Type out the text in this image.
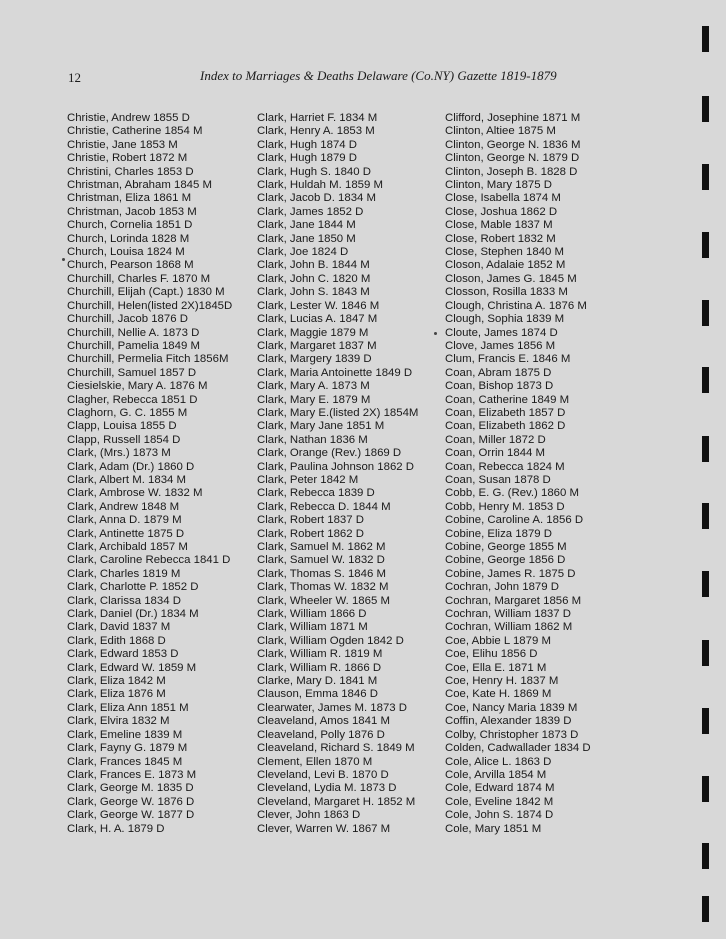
12	Index to Marriages & Deaths Delaware (Co.NY) Gazette 1819-1879
Christie, Andrew 1855 D
Christie, Catherine 1854 M
Christie, Jane 1853 M
Christie, Robert 1872 M
Christini, Charles 1853 D
Christman, Abraham 1845 M
Christman, Eliza 1861 M
Christman, Jacob 1853 M
Church, Cornelia 1851 D
Church, Lorinda 1828 M
Church, Louisa 1824 M
Church, Pearson 1868 M
Churchill, Charles F. 1870 M
Churchill, Elijah (Capt.) 1830 M
Churchill, Helen(listed 2X)1845D
Churchill, Jacob 1876 D
Churchill, Nellie A. 1873 D
Churchill, Pamelia 1849 M
Churchill, Permelia Fitch 1856M
Churchill, Samuel 1857 D
Ciesielskie, Mary A. 1876 M
Clagher, Rebecca 1851 D
Claghorn, G. C. 1855 M
Clapp, Louisa 1855 D
Clapp, Russell 1854 D
Clark, (Mrs.) 1873 M
Clark, Adam (Dr.) 1860 D
Clark, Albert M. 1834 M
Clark, Ambrose W. 1832 M
Clark, Andrew 1848 M
Clark, Anna D. 1879 M
Clark, Antinette 1875 D
Clark, Archibald 1857 M
Clark, Caroline Rebecca 1841 D
Clark, Charles 1819 M
Clark, Charlotte P. 1852 D
Clark, Clarissa 1834 D
Clark, Daniel (Dr.) 1834 M
Clark, David 1837 M
Clark, Edith 1868 D
Clark, Edward 1853 D
Clark, Edward W. 1859 M
Clark, Eliza 1842 M
Clark, Eliza 1876 M
Clark, Eliza Ann 1851 M
Clark, Elvira 1832 M
Clark, Emeline 1839 M
Clark, Fayny G. 1879 M
Clark, Frances 1845 M
Clark, Frances E. 1873 M
Clark, George M. 1835 D
Clark, George W. 1876 D
Clark, George W. 1877 D
Clark, H. A. 1879 D
Clark, Harriet F. 1834 M
Clark, Henry A. 1853 M
Clark, Hugh 1874 D
Clark, Hugh 1879 D
Clark, Hugh S. 1840 D
Clark, Huldah M. 1859 M
Clark, Jacob D. 1834 M
Clark, James 1852 D
Clark, Jane 1844 M
Clark, Jane 1850 M
Clark, Joe 1824 D
Clark, John B. 1844 M
Clark, John C. 1820 M
Clark, John S. 1843 M
Clark, Lester W. 1846 M
Clark, Lucias A. 1847 M
Clark, Maggie 1879 M
Clark, Margaret 1837 M
Clark, Margery 1839 D
Clark, Maria Antoinette 1849 D
Clark, Mary A. 1873 M
Clark, Mary E. 1879 M
Clark, Mary E.(listed 2X) 1854M
Clark, Mary Jane 1851 M
Clark, Nathan 1836 M
Clark, Orange (Rev.) 1869 D
Clark, Paulina Johnson 1862 D
Clark, Peter 1842 M
Clark, Rebecca 1839 D
Clark, Rebecca D. 1844 M
Clark, Robert 1837 D
Clark, Robert 1862 D
Clark, Samuel M. 1862 M
Clark, Samuel W. 1832 D
Clark, Thomas S. 1846 M
Clark, Thomas W. 1832 M
Clark, Wheeler W. 1865 M
Clark, William 1866 D
Clark, William 1871 M
Clark, William Ogden 1842 D
Clark, William R. 1819 M
Clark, William R. 1866 D
Clarke, Mary D. 1841 M
Clauson, Emma 1846 D
Clearwater, James M. 1873 D
Cleaveland, Amos 1841 M
Cleaveland, Polly 1876 D
Cleaveland, Richard S. 1849 M
Clement, Ellen 1870 M
Cleveland, Levi B. 1870 D
Cleveland, Lydia M. 1873 D
Cleveland, Margaret H. 1852 M
Clever, John 1863 D
Clever, Warren W. 1867 M
Clifford, Josephine 1871 M
Clinton, Altiee 1875 M
Clinton, George N. 1836 M
Clinton, George N. 1879 D
Clinton, Joseph B. 1828 D
Clinton, Mary 1875 D
Close, Isabella 1874 M
Close, Joshua 1862 D
Close, Mable 1837 M
Close, Robert 1832 M
Close, Stephen 1840 M
Closon, Adalaie 1852 M
Closon, James G. 1845 M
Closson, Rosilla 1833 M
Clough, Christina A. 1876 M
Clough, Sophia 1839 M
Cloute, James 1874 D
Clove, James 1856 M
Clum, Francis E. 1846 M
Coan, Abram 1875 D
Coan, Bishop 1873 D
Coan, Catherine 1849 M
Coan, Elizabeth 1857 D
Coan, Elizabeth 1862 D
Coan, Miller 1872 D
Coan, Orrin 1844 M
Coan, Rebecca 1824 M
Coan, Susan 1878 D
Cobb, E. G. (Rev.) 1860 M
Cobb, Henry M. 1853 D
Cobine, Caroline A. 1856 D
Cobine, Eliza 1879 D
Cobine, George 1855 M
Cobine, George 1856 D
Cobine, James R. 1875 D
Cochran, John 1879 D
Cochran, Margaret 1856 M
Cochran, William 1837 D
Cochran, William 1862 M
Coe, Abbie L 1879 M
Coe, Elihu 1856 D
Coe, Ella E. 1871 M
Coe, Henry H. 1837 M
Coe, Kate H. 1869 M
Coe, Nancy Maria 1839 M
Coffin, Alexander 1839 D
Colby, Christopher 1873 D
Colden, Cadwallader 1834 D
Cole, Alice L. 1863 D
Cole, Arvilla 1854 M
Cole, Edward 1874 M
Cole, Eveline 1842 M
Cole, John S. 1874 D
Cole, Mary 1851 M
